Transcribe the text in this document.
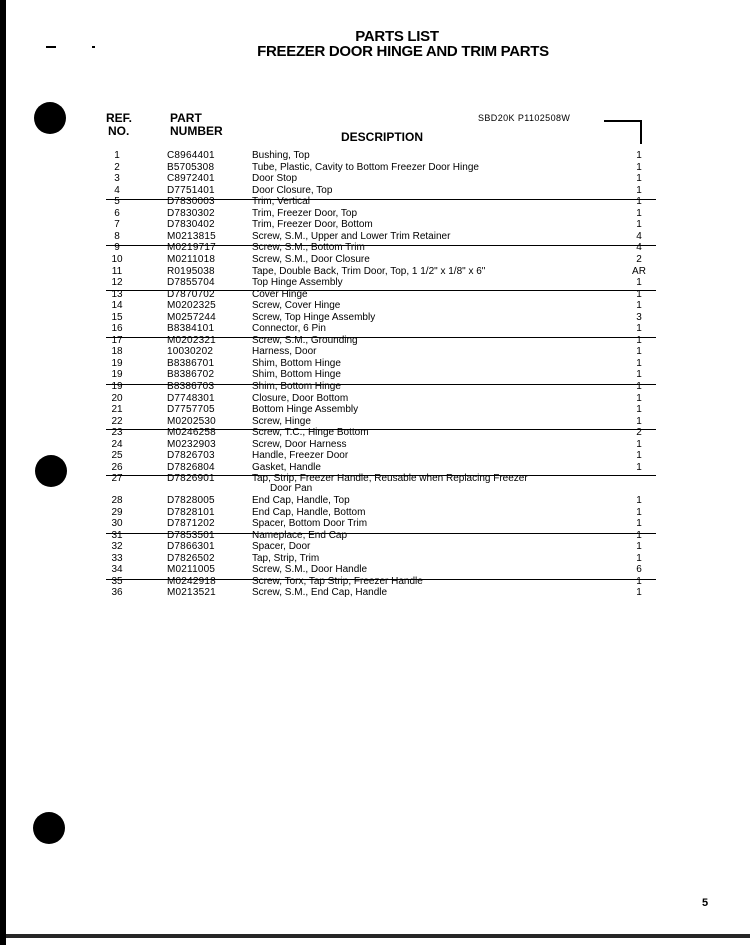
PARTS LIST
FREEZER DOOR HINGE AND TRIM PARTS
REF.
NO.
PART
NUMBER	DESCRIPTION
SBD20K P1102508W
1	C8964401	Bushing, Top	1
2	B5705308	Tube, Plastic, Cavity to Bottom Freezer Door Hinge	1
3	C8972401	Door Stop	1
4	D7751401	Door Closure, Top	1
5	D7830003	Trim, Vertical	1
6	D7830302	Trim, Freezer Door, Top	1
7	D7830402	Trim, Freezer Door, Bottom	1
8	M0213815	Screw, S.M., Upper and Lower Trim Retainer	4
9	M0219717	Screw, S.M., Bottom Trim	4
10	M0211018	Screw, S.M., Door Closure	2
11	R0195038	Tape, Double Back, Trim Door, Top, 1 1/2" x 1/8" x 6"	AR
12	D7855704	Top Hinge Assembly	1
13	D7870702	Cover Hinge	1
14	M0202325	Screw, Cover Hinge	1
15	M0257244	Screw, Top Hinge Assembly	3
16	B8384101	Connector, 6 Pin	1
17	M0202321	Screw, S.M., Grounding	1
18	10030202	Harness, Door	1
19	B8386701	Shim, Bottom Hinge	1
19	B8386702	Shim, Bottom Hinge	1
19	B8386703	Shim, Bottom Hinge	1
20	D7748301	Closure, Door Bottom	1
21	D7757705	Bottom Hinge Assembly	1
22	M0202530	Screw, Hinge	1
23	M0246258	Screw, T.C., Hinge Bottom	2
24	M0232903	Screw, Door Harness	1
25	D7826703	Handle, Freezer Door	1
26	D7826804	Gasket, Handle	1
27	D7826901	Tap, Strip, Freezer Handle, Reusable when Replacing Freezer
Door Pan
28	D7828005	End Cap, Handle, Top	1
29	D7828101	End Cap, Handle, Bottom	1
30	D7871202	Spacer, Bottom Door Trim	1
31	D7853501	Nameplace, End Cap	1
32	D7866301	Spacer, Door	1
33	D7826502	Tap, Strip, Trim	1
34	M0211005	Screw, S.M., Door Handle	6
35	M0242918	Screw, Torx, Tap Strip, Freezer Handle	1
36	M0213521	Screw, S.M., End Cap, Handle	1
5
